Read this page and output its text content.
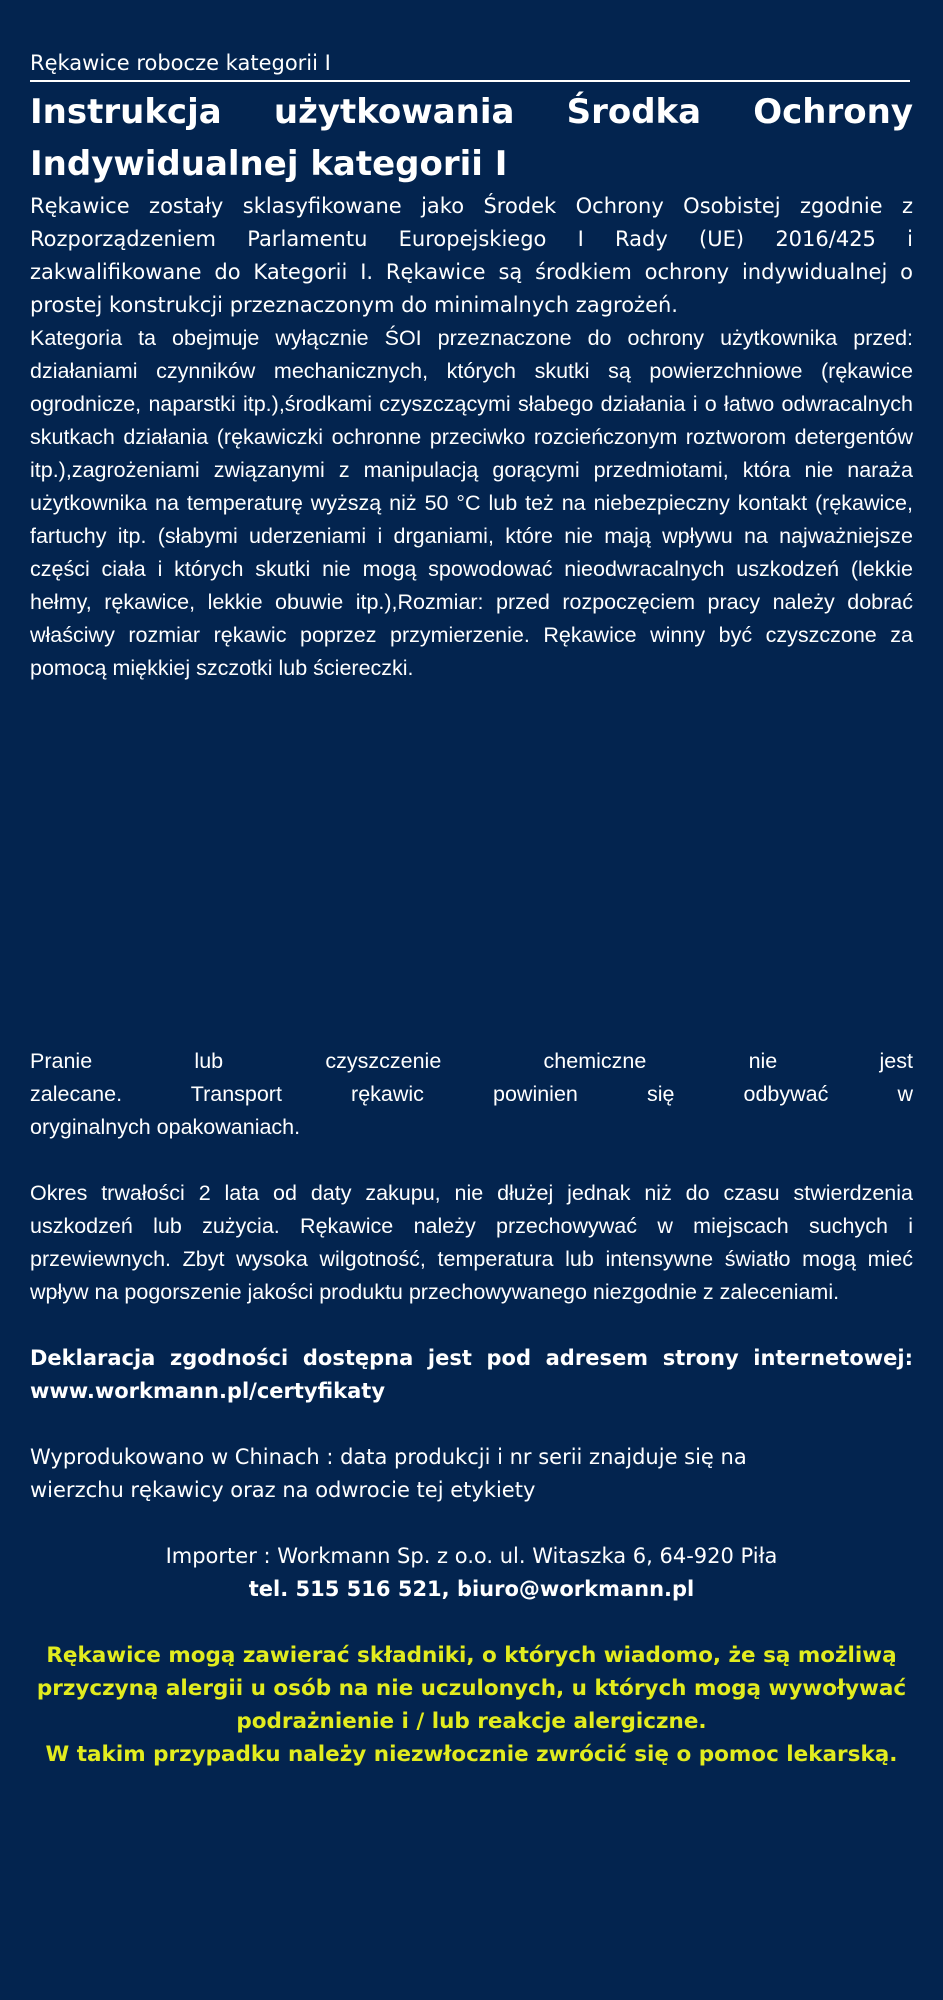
Rękawice robocze kategorii I

Instrukcja użytkowania Środka Ochrony Indywidualnej kategorii I

Rękawice zostały sklasyfikowane jako Środek Ochrony Osobistej zgodnie z Rozporządzeniem Parlamentu Europejskiego I Rady (UE) 2016/425 i zakwalifikowane do Kategorii I. Rękawice są środkiem ochrony indywidualnej o prostej konstrukcji przeznaczonym do minimalnych zagrożeń.

Kategoria ta obejmuje wyłącznie ŚOI przeznaczone do ochrony użytkownika przed: działaniami czynników mechanicznych, których skutki są powierzchniowe (rękawice ogrodnicze, naparstki itp.),środkami czyszczącymi słabego działania i o łatwo odwracalnych skutkach działania (rękawiczki ochronne przeciwko rozcieńczonym roztworom detergentów itp.),zagrożeniami związanymi z manipulacją gorącymi przedmiotami, która nie naraża użytkownika na temperaturę wyższą niż 50 °C lub też na niebezpieczny kontakt (rękawice, fartuchy itp. (słabymi uderzeniami i drganiami, które nie mają wpływu na najważniejsze części ciała i których skutki nie mogą spowodować nieodwracalnych uszkodzeń (lekkie hełmy, rękawice, lekkie obuwie itp.),Rozmiar: przed rozpoczęciem pracy należy dobrać właściwy rozmiar rękawic poprzez przymierzenie. Rękawice winny być czyszczone za pomocą miękkiej szczotki lub ściereczki.

Pranie lub czyszczenie chemiczne nie jest

zalecane. Transport rękawic powinien się odbywać w

oryginalnych opakowaniach.

Okres trwałości 2 lata od daty zakupu, nie dłużej jednak niż do czasu stwierdzenia uszkodzeń lub zużycia. Rękawice należy przechowywać w miejscach suchych i przewiewnych. Zbyt wysoka wilgotność, temperatura lub intensywne światło mogą mieć wpływ na pogorszenie jakości produktu przechowywanego niezgodnie z zaleceniami.

Deklaracja zgodności dostępna jest pod adresem strony internetowej: www.workmann.pl/certyfikaty

Wyprodukowano w Chinach : data produkcji i nr serii znajduje się na

wierzchu rękawicy oraz na odwrocie tej etykiety

Importer : Workmann Sp. z o.o. ul. Witaszka 6, 64-920 Piła

tel. 515 516 521, biuro@workmann.pl

Rękawice mogą zawierać składniki, o których wiadomo, że są możliwą przyczyną alergii u osób na nie uczulonych, u których mogą wywoływać podrażnienie i / lub reakcje alergiczne.

W takim przypadku należy niezwłocznie zwrócić się o pomoc lekarską.
